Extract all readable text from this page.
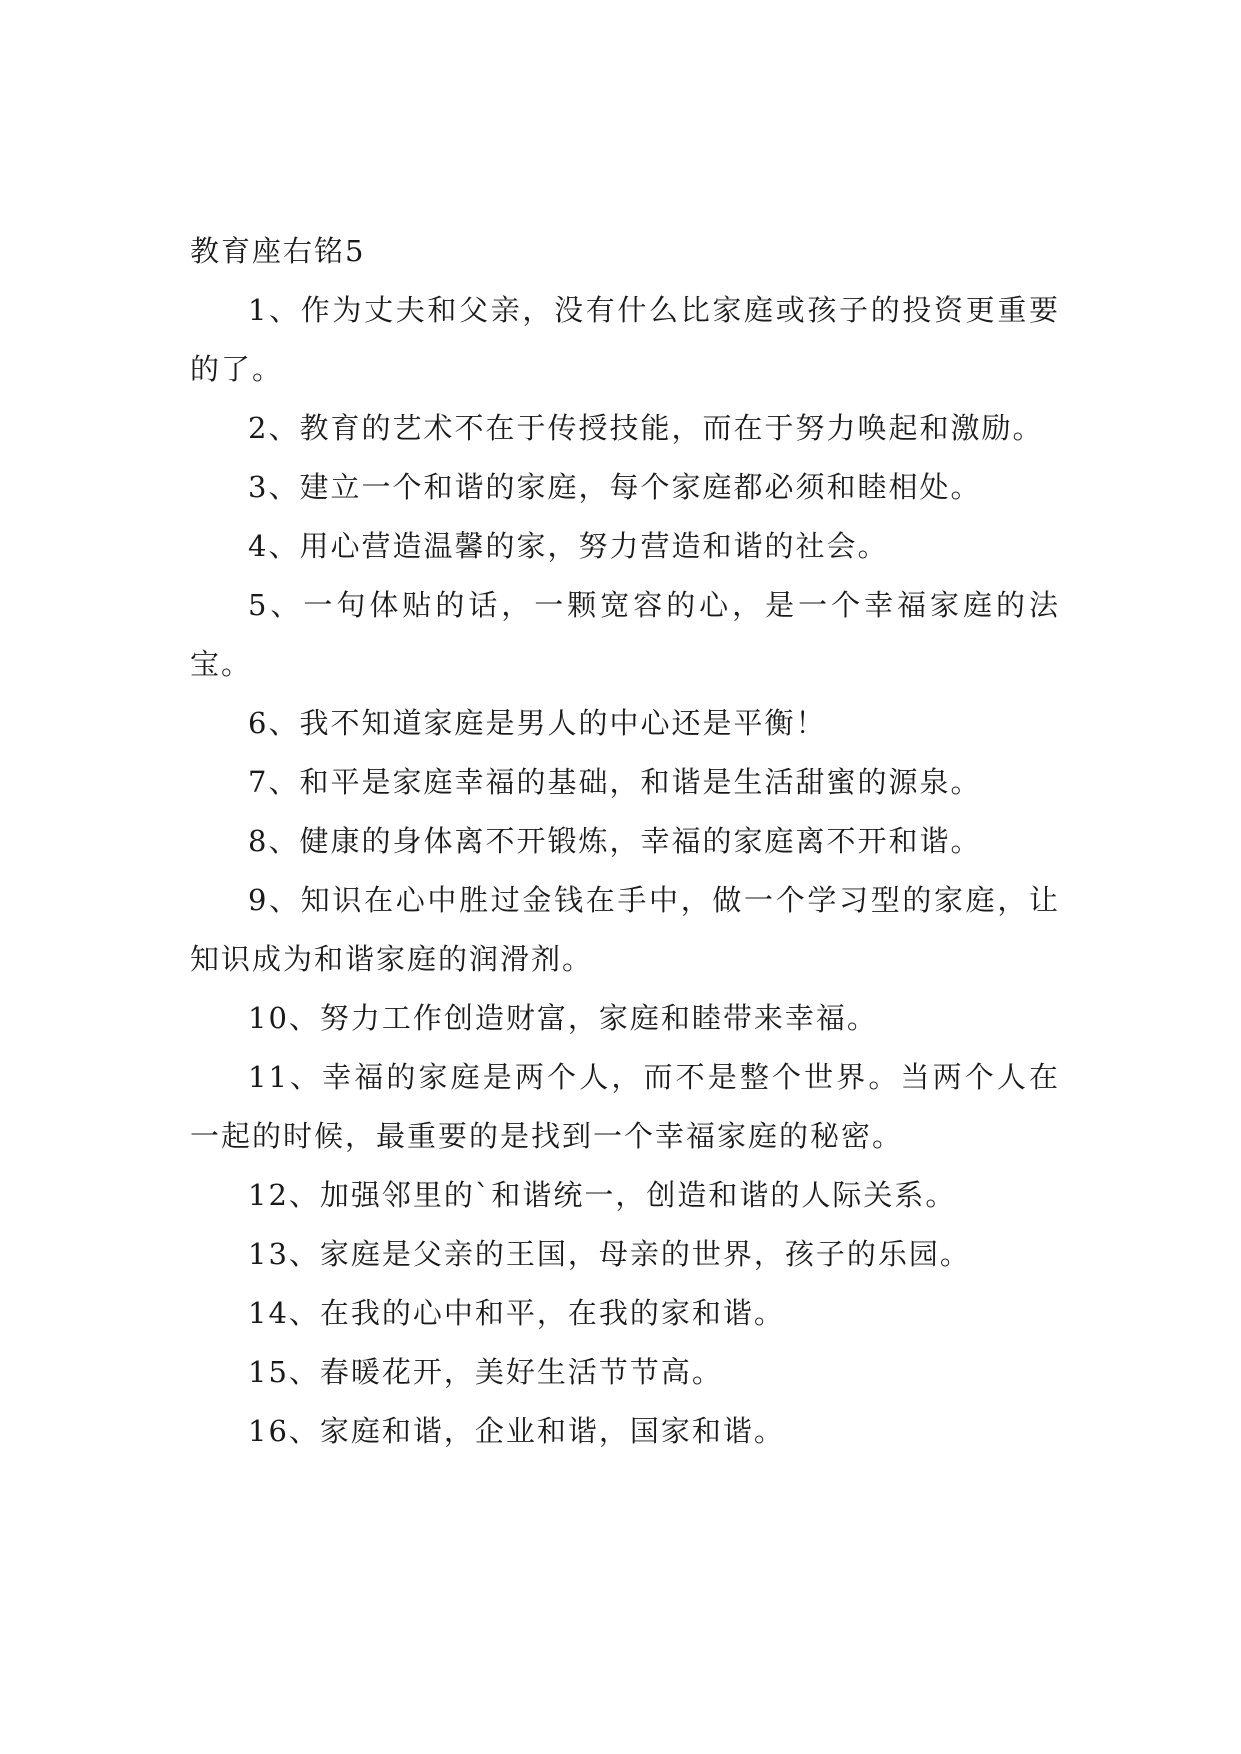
教育座右铭5

1、作为丈夫和父亲，没有什么比家庭或孩子的投资更重要的了。

2、教育的艺术不在于传授技能，而在于努力唤起和激励。

3、建立一个和谐的家庭，每个家庭都必须和睦相处。

4、用心营造温馨的家，努力营造和谐的社会。

5、一句体贴的话，一颗宽容的心，是一个幸福家庭的法宝。

6、我不知道家庭是男人的中心还是平衡！

7、和平是家庭幸福的基础，和谐是生活甜蜜的源泉。

8、健康的身体离不开锻炼，幸福的家庭离不开和谐。

9、知识在心中胜过金钱在手中，做一个学习型的家庭，让知识成为和谐家庭的润滑剂。

10、努力工作创造财富，家庭和睦带来幸福。

11、幸福的家庭是两个人，而不是整个世界。当两个人在一起的时候，最重要的是找到一个幸福家庭的秘密。

12、加强邻里的`和谐统一，创造和谐的人际关系。

13、家庭是父亲的王国，母亲的世界，孩子的乐园。

14、在我的心中和平，在我的家和谐。

15、春暖花开，美好生活节节高。

16、家庭和谐，企业和谐，国家和谐。
